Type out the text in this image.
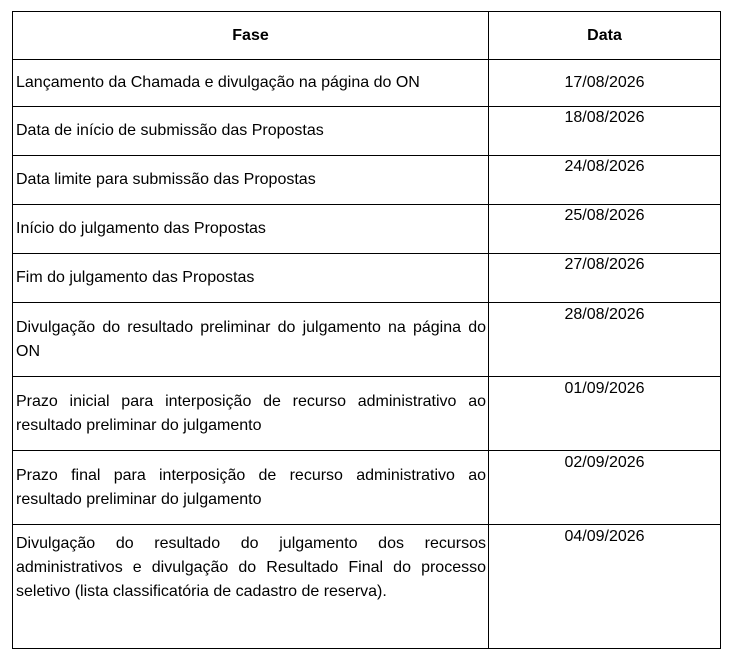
Fase	Data
Lançamento da Chamada e divulgação na página do ON	17/08/2026
Data de início de submissão das Propostas	18/08/2026
Data limite para submissão das Propostas	24/08/2026
Início do julgamento das Propostas	25/08/2026
Fim do julgamento das Propostas	27/08/2026
Divulgação do resultado preliminar do julgamento na página do ON	28/08/2026
Prazo inicial para interposição de recurso administrativo ao resultado preliminar do julgamento	01/09/2026
Prazo final para interposição de recurso administrativo ao resultado preliminar do julgamento	02/09/2026
Divulgação do resultado do julgamento dos recursos administrativos e divulgação do Resultado Final do processo seletivo (lista classificatória de cadastro de reserva).	04/09/2026
